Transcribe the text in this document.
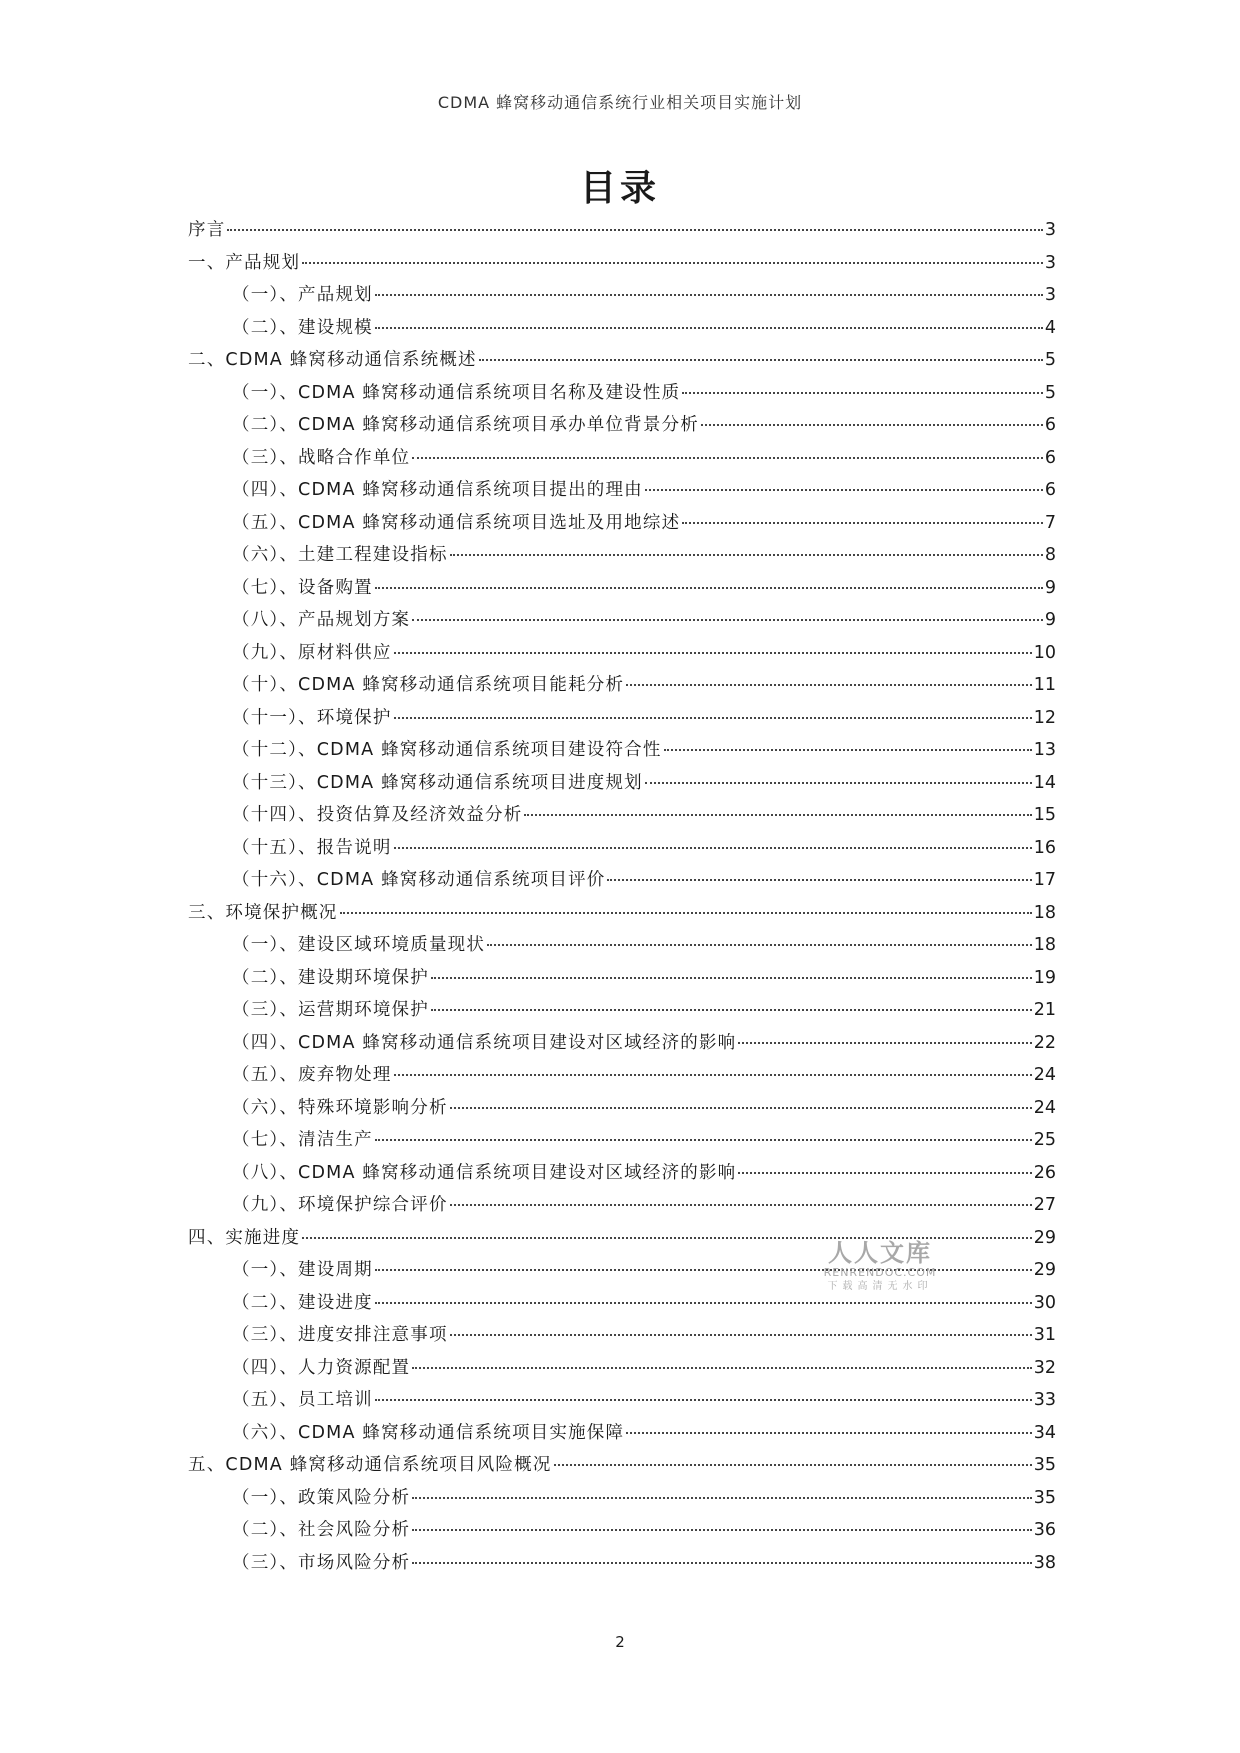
CDMA 蜂窝移动通信系统行业相关项目实施计划
目录
序言	3
一、产品规划	3
（一）、产品规划	3
（二）、建设规模	4
二、CDMA 蜂窝移动通信系统概述	5
（一）、CDMA 蜂窝移动通信系统项目名称及建设性质	5
（二）、CDMA 蜂窝移动通信系统项目承办单位背景分析	6
（三）、战略合作单位	6
（四）、CDMA 蜂窝移动通信系统项目提出的理由	6
（五）、CDMA 蜂窝移动通信系统项目选址及用地综述	7
（六）、土建工程建设指标	8
（七）、设备购置	9
（八）、产品规划方案	9
（九）、原材料供应	10
（十）、CDMA 蜂窝移动通信系统项目能耗分析	11
（十一）、环境保护	12
（十二）、CDMA 蜂窝移动通信系统项目建设符合性	13
（十三）、CDMA 蜂窝移动通信系统项目进度规划	14
（十四）、投资估算及经济效益分析	15
（十五）、报告说明	16
（十六）、CDMA 蜂窝移动通信系统项目评价	17
三、环境保护概况	18
（一）、建设区域环境质量现状	18
（二）、建设期环境保护	19
（三）、运营期环境保护	21
（四）、CDMA 蜂窝移动通信系统项目建设对区域经济的影响	22
（五）、废弃物处理	24
（六）、特殊环境影响分析	24
（七）、清洁生产	25
（八）、CDMA 蜂窝移动通信系统项目建设对区域经济的影响	26
（九）、环境保护综合评价	27
四、实施进度	29
（一）、建设周期	29
（二）、建设进度	30
（三）、进度安排注意事项	31
（四）、人力资源配置	32
（五）、员工培训	33
（六）、CDMA 蜂窝移动通信系统项目实施保障	34
五、CDMA 蜂窝移动通信系统项目风险概况	35
（一）、政策风险分析	35
（二）、社会风险分析	36
（三）、市场风险分析	38
人人文库
RENRENDOC.COM
下载高清无水印
2
